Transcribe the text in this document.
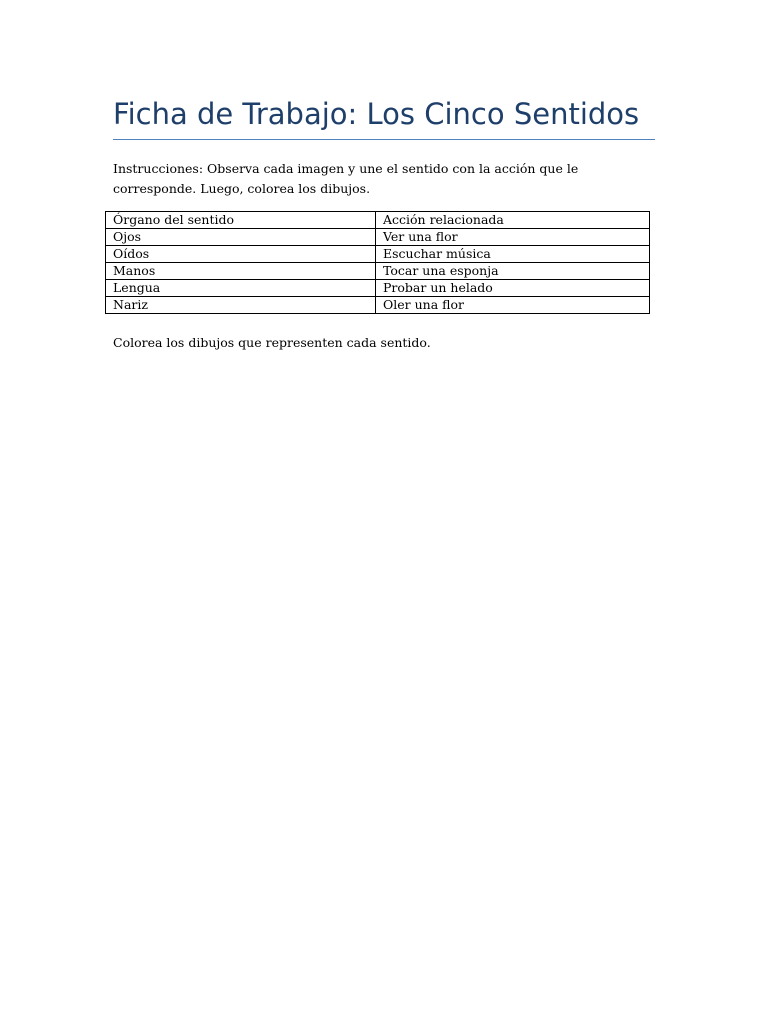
Ficha de Trabajo: Los Cinco Sentidos

Instrucciones: Observa cada imagen y une el sentido con la acción que le corresponde. Luego, colorea los dibujos.

Órgano del sentido	Acción relacionada
Ojos	Ver una flor
Oídos	Escuchar música
Manos	Tocar una esponja
Lengua	Probar un helado
Nariz	Oler una flor

Colorea los dibujos que representen cada sentido.
